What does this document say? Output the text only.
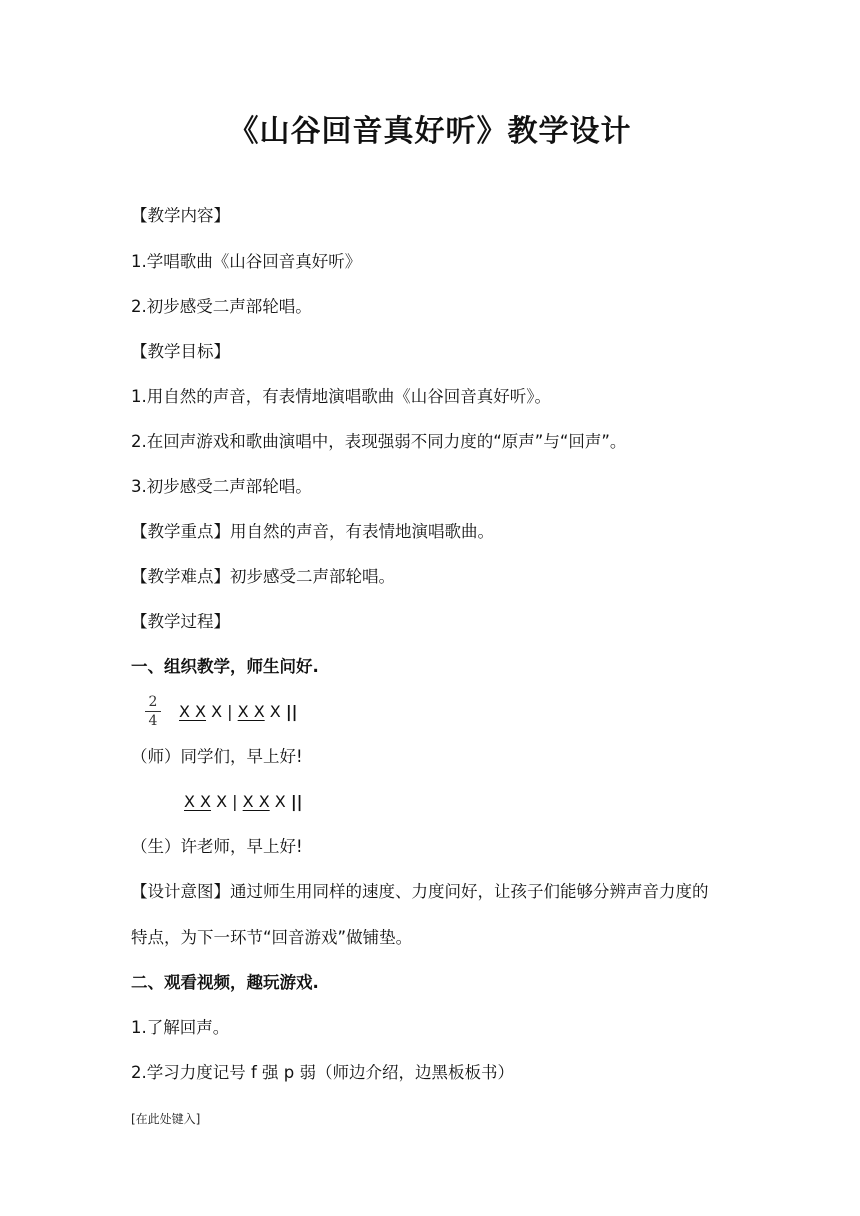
《山谷回音真好听》教学设计
【教学内容】
1.学唱歌曲《山谷回音真好听》
2.初步感受二声部轮唱。
【教学目标】
1.用自然的声音，有表情地演唱歌曲《山谷回音真好听》。
2.在回声游戏和歌曲演唱中，表现强弱不同力度的“原声”与“回声”。
3.初步感受二声部轮唱。
【教学重点】用自然的声音，有表情地演唱歌曲。
【教学难点】初步感受二声部轮唱。
【教学过程】
一、组织教学，师生问好.
2
4	X X X | X X X ||
（师）同学们，早上好!
X X X | X X X ||
（生）许老师，早上好!
【设计意图】通过师生用同样的速度、力度问好，让孩子们能够分辨声音力度的
特点，为下一环节“回音游戏”做铺垫。
二、观看视频，趣玩游戏.
1.了解回声。
2.学习力度记号 f 强 p 弱（师边介绍，边黑板板书）
[在此处键入]
